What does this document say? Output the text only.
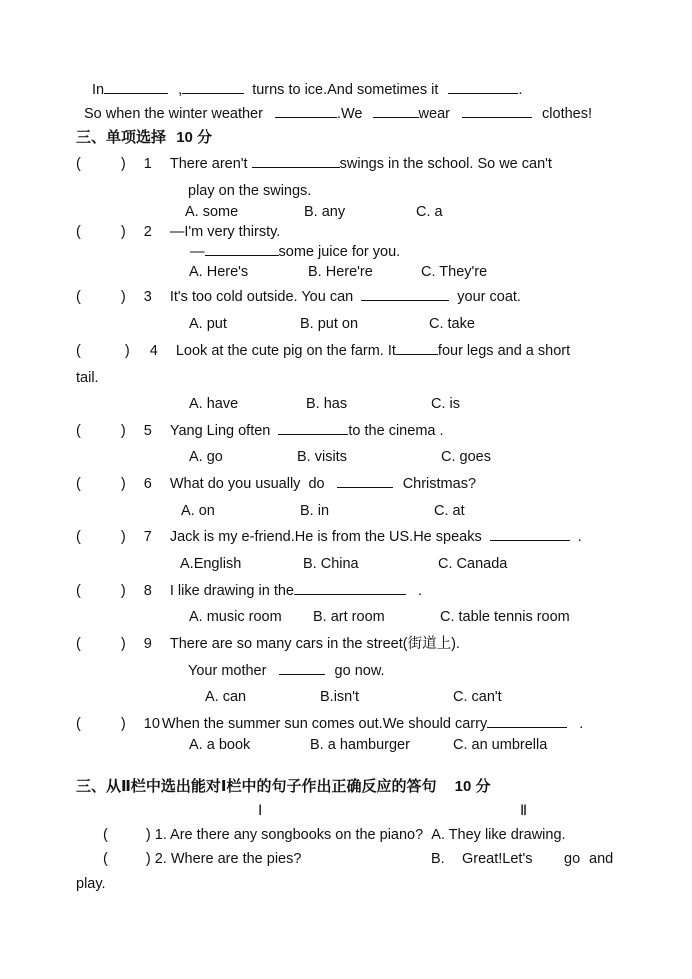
In	,	turns to ice.And sometimes it	.
So when the winter weather	.We	wear	clothes!
三、单项选择 10 分
(	) 1 There aren't	swings in the school. So we can't
play on the swings.
A. some	B. any	C. a
(	) 2 —I'm very thirsty.
—	some juice for you.
A. Here's	B. Here're	C. They're
(	) 3 It's too cold outside. You can	your coat.
A. put	B. put on	C. take
(	) 4 Look at the cute pig on the farm. It	four legs and a short
tail.
A. have	B. has	C. is
(	) 5 Yang Ling often	to the cinema .
A. go	B. visits	C. goes
(	) 6 What do you usually  do	Christmas?
A. on	B. in	C. at
(	) 7 Jack is my e-friend.He is from the US.He speaks	.
A.English	B. China	C. Canada
(	) 8 I like drawing in the	.
A. music room B. art room	C. table tennis room
(	) 9 There are so many cars in the street(街道上).
Your mother	go now.
A. can	B.isn't	C. can't
(	) 10 When the summer sun comes out.We should carry	.
A. a book	B. a hamburger	C. an umbrella
三、从Ⅱ栏中选出能对Ⅰ栏中的句子作出正确反应的答句 10 分
Ⅰ	Ⅱ
(	) 1. Are there any songbooks on the piano? A. They like drawing.
(	) 2. Where are the pies?	B. Great!Let's go and
play.
